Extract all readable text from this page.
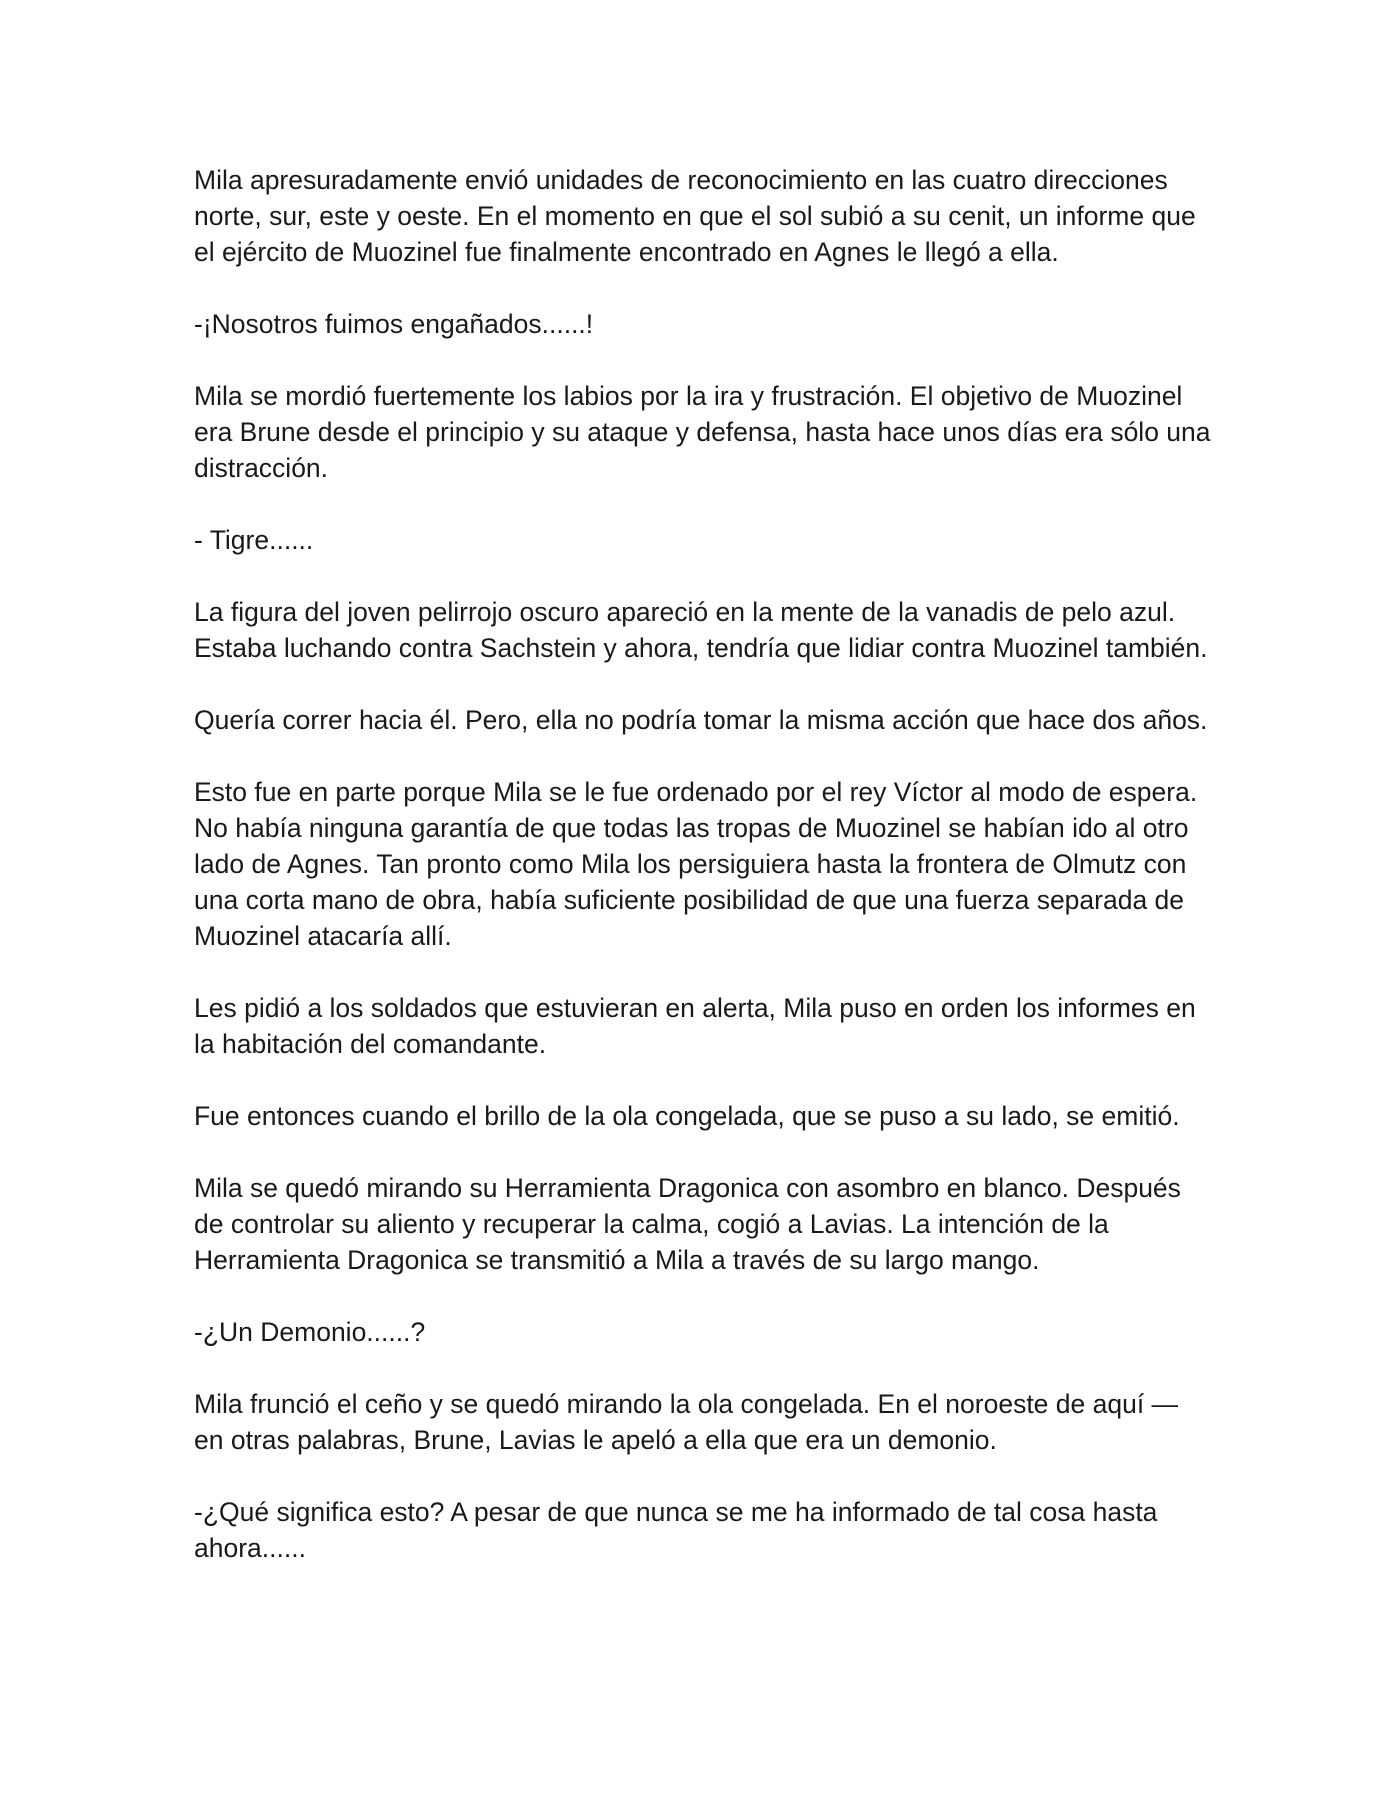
Mila apresuradamente envió unidades de reconocimiento en las cuatro direcciones norte, sur, este y oeste. En el momento en que el sol subió a su cenit, un informe que el ejército de Muozinel fue finalmente encontrado en Agnes le llegó a ella.

-¡Nosotros fuimos engañados......!

Mila se mordió fuertemente los labios por la ira y frustración. El objetivo de Muozinel era Brune desde el principio y su ataque y defensa, hasta hace unos días era sólo una distracción.

- Tigre......

La figura del joven pelirrojo oscuro apareció en la mente de la vanadis de pelo azul. Estaba luchando contra Sachstein y ahora, tendría que lidiar contra Muozinel también.

Quería correr hacia él. Pero, ella no podría tomar la misma acción que hace dos años.

Esto fue en parte porque Mila se le fue ordenado por el rey Víctor al modo de espera. No había ninguna garantía de que todas las tropas de Muozinel se habían ido al otro lado de Agnes. Tan pronto como Mila los persiguiera hasta la frontera de Olmutz con una corta mano de obra, había suficiente posibilidad de que una fuerza separada de Muozinel atacaría allí.

Les pidió a los soldados que estuvieran en alerta, Mila puso en orden los informes en la habitación del comandante.

Fue entonces cuando el brillo de la ola congelada, que se puso a su lado, se emitió.

Mila se quedó mirando su Herramienta Dragonica con asombro en blanco. Después de controlar su aliento y recuperar la calma, cogió a Lavias. La intención de la Herramienta Dragonica se transmitió a Mila a través de su largo mango.

-¿Un Demonio......?

Mila frunció el ceño y se quedó mirando la ola congelada. En el noroeste de aquí — en otras palabras, Brune, Lavias le apeló a ella que era un demonio.

-¿Qué significa esto? A pesar de que nunca se me ha informado de tal cosa hasta ahora......
